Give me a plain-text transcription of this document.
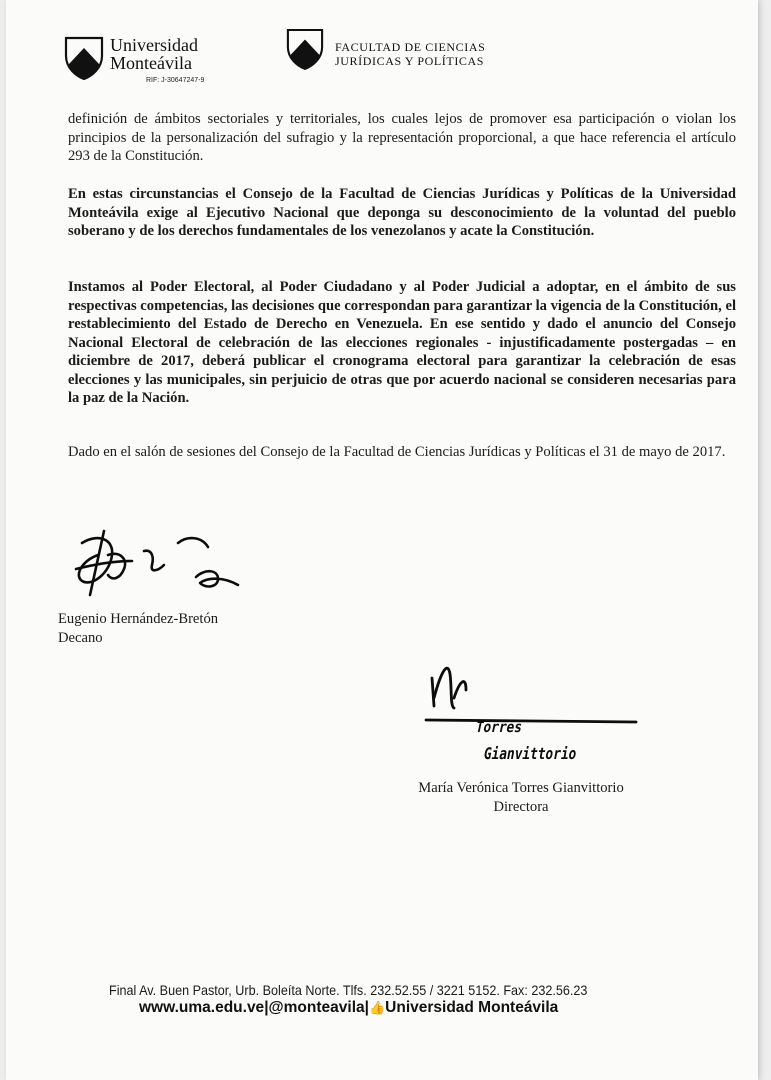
Universidad
Monteávila
RIF: J-30647247-9
FACULTAD DE CIENCIAS
JURÍDICAS Y POLÍTICAS
definición de ámbitos sectoriales y territoriales, los cuales lejos de promover esa participación o violan los principios de la personalización del sufragio y la representación proporcional, a que hace referencia el artículo 293 de la Constitución.
En estas circunstancias el Consejo de la Facultad de Ciencias Jurídicas y Políticas de la Universidad Monteávila exige al Ejecutivo Nacional que deponga su desconocimiento de la voluntad del pueblo soberano y de los derechos fundamentales de los venezolanos y acate la Constitución.
Instamos al Poder Electoral, al Poder Ciudadano y al Poder Judicial a adoptar, en el ámbito de sus respectivas competencias, las decisiones que correspondan para garantizar la vigencia de la Constitución, el restablecimiento del Estado de Derecho en Venezuela. En ese sentido y dado el anuncio del Consejo Nacional Electoral de celebración de las elecciones regionales - injustificadamente postergadas – en diciembre de 2017, deberá publicar el cronograma electoral para garantizar la celebración de esas elecciones y las municipales, sin perjuicio de otras que por acuerdo nacional se consideren necesarias para la paz de la Nación.
Dado en el salón de sesiones del Consejo de la Facultad de Ciencias Jurídicas y Políticas el 31 de mayo de 2017.
Eugenio Hernández-Bretón
Decano
Torres
Gianvittorio
María Verónica Torres Gianvittorio
Directora
Final Av. Buen Pastor, Urb. Boleíta Norte. Tlfs. 232.52.55 / 3221 5152. Fax: 232.56.23
www.uma.edu.ve|@monteavila|👍Universidad Monteávila
